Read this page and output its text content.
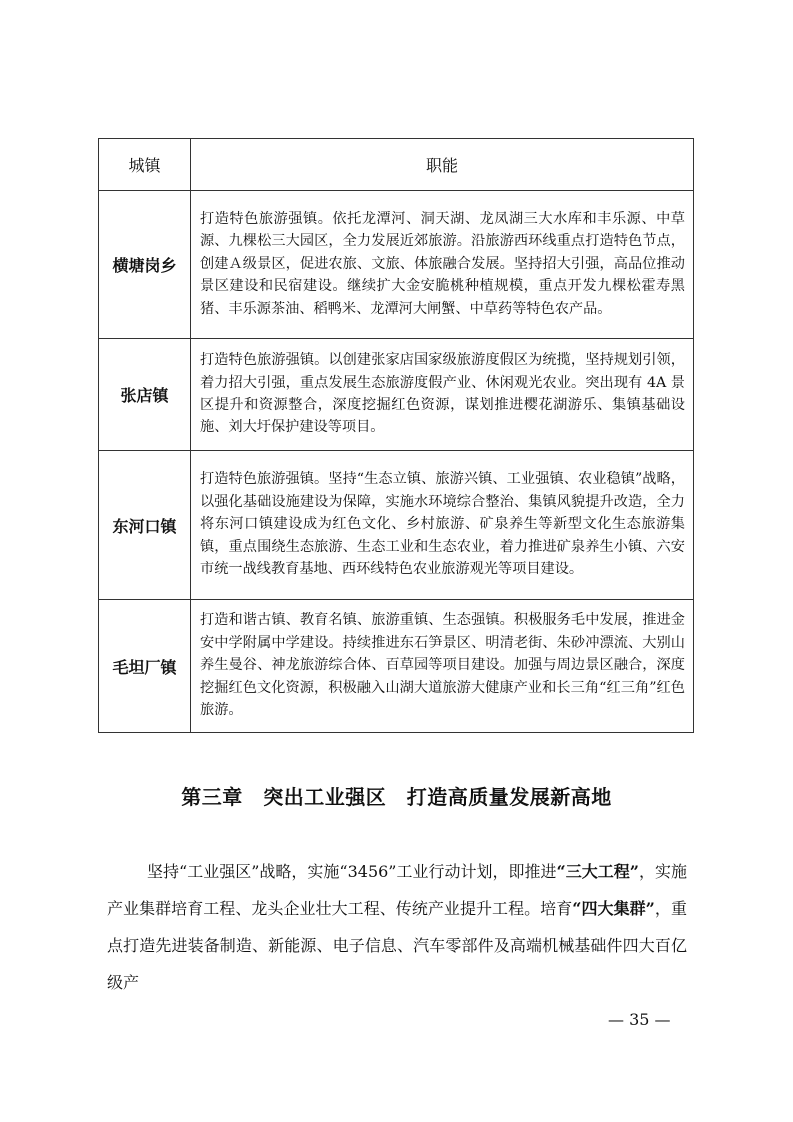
城镇	职能
横塘岗乡	打造特色旅游强镇。依托龙潭河、洞天湖、龙凤湖三大水库和丰乐源、中草源、九棵松三大园区，全力发展近郊旅游。沿旅游西环线重点打造特色节点，创建Ａ级景区，促进农旅、文旅、体旅融合发展。坚持招大引强，高品位推动景区建设和民宿建设。继续扩大金安脆桃种植规模，重点开发九棵松霍寿黑猪、丰乐源茶油、稻鸭米、龙潭河大闸蟹、中草药等特色农产品。
张店镇	打造特色旅游强镇。以创建张家店国家级旅游度假区为统揽，坚持规划引领，着力招大引强，重点发展生态旅游度假产业、休闲观光农业。突出现有 4A 景区提升和资源整合，深度挖掘红色资源，谋划推进樱花湖游乐、集镇基础设施、刘大圩保护建设等项目。
东河口镇	打造特色旅游强镇。坚持“生态立镇、旅游兴镇、工业强镇、农业稳镇”战略，以强化基础设施建设为保障，实施水环境综合整治、集镇风貌提升改造，全力将东河口镇建设成为红色文化、乡村旅游、矿泉养生等新型文化生态旅游集镇，重点围绕生态旅游、生态工业和生态农业，着力推进矿泉养生小镇、六安市统一战线教育基地、西环线特色农业旅游观光等项目建设。
毛坦厂镇	打造和谐古镇、教育名镇、旅游重镇、生态强镇。积极服务毛中发展，推进金安中学附属中学建设。持续推进东石笋景区、明清老街、朱砂冲漂流、大别山养生曼谷、神龙旅游综合体、百草园等项目建设。加强与周边景区融合，深度挖掘红色文化资源，积极融入山湖大道旅游大健康产业和长三角“红三角”红色旅游。
第三章　突出工业强区　打造高质量发展新高地

坚持“工业强区”战略，实施“3456”工业行动计划，即推进“三大工程”，实施产业集群培育工程、龙头企业壮大工程、传统产业提升工程。培育“四大集群”，重点打造先进装备制造、新能源、电子信息、汽车零部件及高端机械基础件四大百亿级产

— 35 —
